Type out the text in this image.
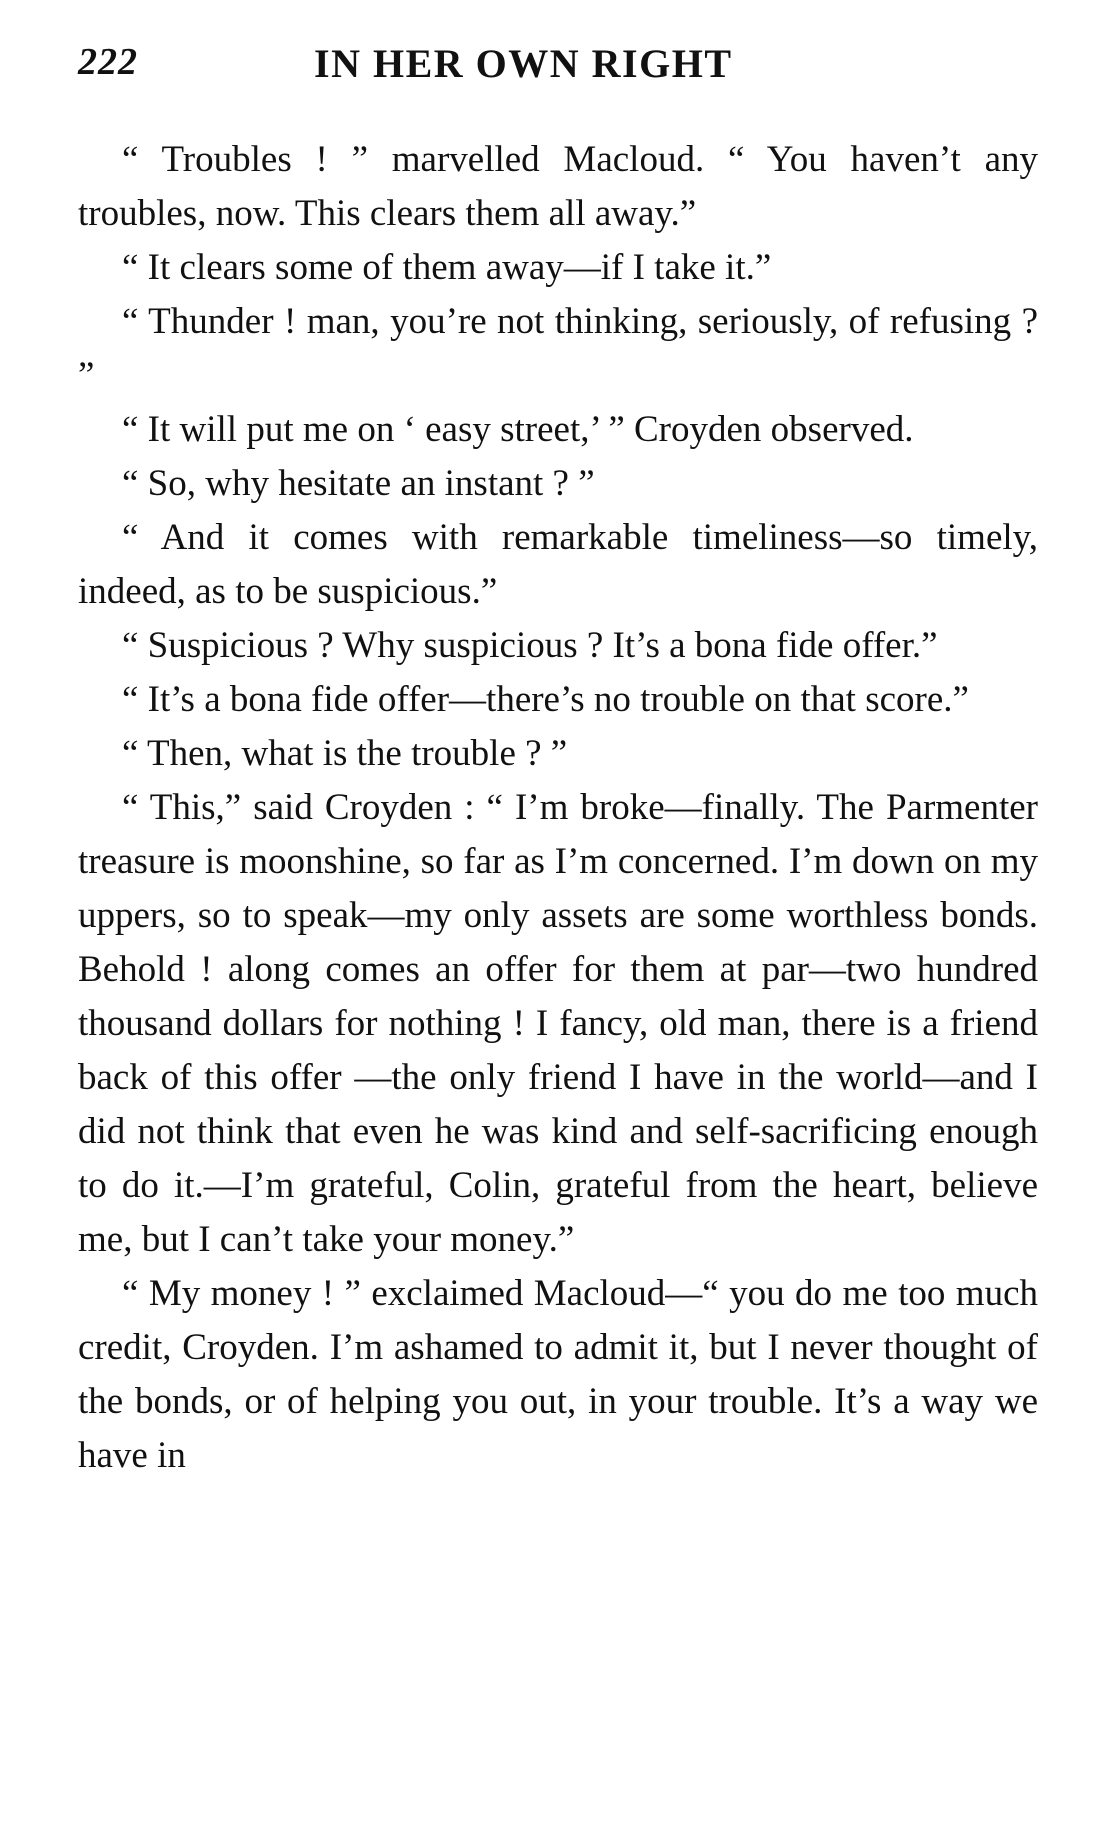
222	IN HER OWN RIGHT

“ Troubles ! ” marvelled Macloud. “ You haven’t any troubles, now. This clears them all away.”

“ It clears some of them away—if I take it.”

“ Thunder ! man, you’re not thinking, seriously, of refusing ? ”

“ It will put me on ‘ easy street,’ ” Croyden observed.

“ So, why hesitate an instant ? ”

“ And it comes with remarkable timeliness—so timely, indeed, as to be suspicious.”

“ Suspicious ? Why suspicious ? It’s a bona fide offer.”

“ It’s a bona fide offer—there’s no trouble on that score.”

“ Then, what is the trouble ? ”

“ This,” said Croyden : “ I’m broke—finally. The Parmenter treasure is moonshine, so far as I’m concerned. I’m down on my uppers, so to speak—my only assets are some worthless bonds. Behold ! along comes an offer for them at par—two hundred thousand dollars for nothing ! I fancy, old man, there is a friend back of this offer —the only friend I have in the world—and I did not think that even he was kind and self-sacrificing enough to do it.—I’m grateful, Colin, grateful from the heart, believe me, but I can’t take your money.”

“ My money ! ” exclaimed Macloud—“ you do me too much credit, Croyden. I’m ashamed to admit it, but I never thought of the bonds, or of helping you out, in your trouble. It’s a way we have in
